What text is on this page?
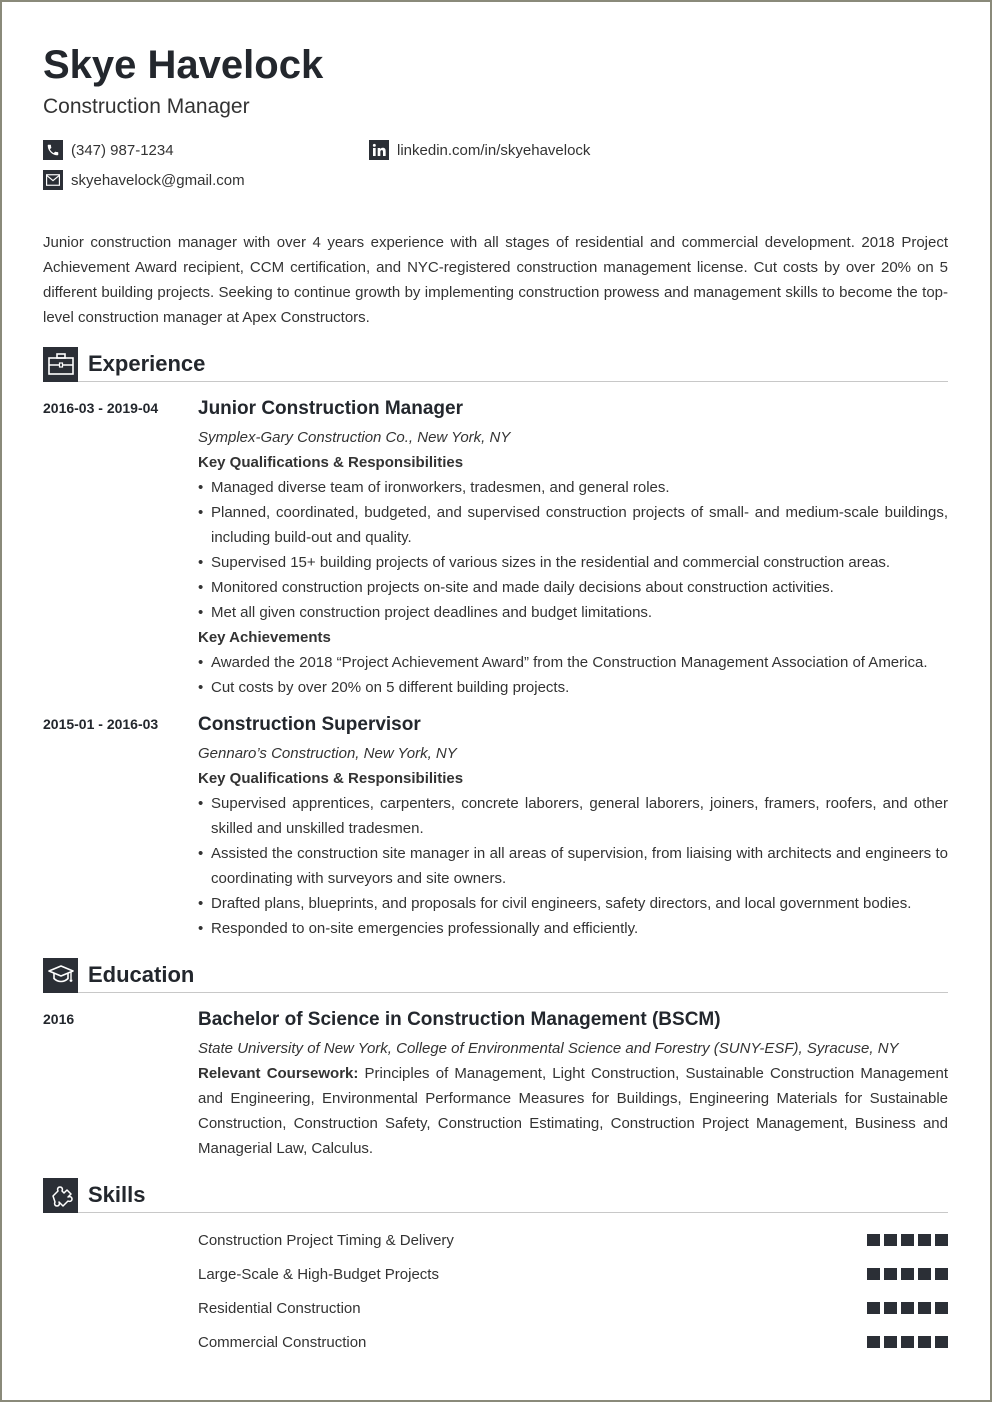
Skye Havelock
Construction Manager
(347) 987-1234	linkedin.com/in/skyehavelock
skyehavelock@gmail.com
Junior construction manager with over 4 years experience with all stages of residential and commercial development. 2018 Project Achievement Award recipient, CCM certification, and NYC-registered construction management license. Cut costs by over 20% on 5 different building projects. Seeking to continue growth by implementing construction prowess and management skills to become the top-level construction manager at Apex Constructors.
Experience
2016-03 - 2019-04	Junior Construction Manager
Symplex-Gary Construction Co., New York, NY
Key Qualifications & Responsibilities
• Managed diverse team of ironworkers, tradesmen, and general roles.
• Planned, coordinated, budgeted, and supervised construction projects of small- and medium-scale buildings, including build-out and quality.
• Supervised 15+ building projects of various sizes in the residential and commercial construction areas.
• Monitored construction projects on-site and made daily decisions about construction activities.
• Met all given construction project deadlines and budget limitations.
Key Achievements
• Awarded the 2018 “Project Achievement Award” from the Construction Management Association of America.
• Cut costs by over 20% on 5 different building projects.
2015-01 - 2016-03	Construction Supervisor
Gennaro’s Construction, New York, NY
Key Qualifications & Responsibilities
• Supervised apprentices, carpenters, concrete laborers, general laborers, joiners, framers, roofers, and other skilled and unskilled tradesmen.
• Assisted the construction site manager in all areas of supervision, from liaising with architects and engineers to coordinating with surveyors and site owners.
• Drafted plans, blueprints, and proposals for civil engineers, safety directors, and local government bodies.
• Responded to on-site emergencies professionally and efficiently.
Education
2016	Bachelor of Science in Construction Management (BSCM)
State University of New York, College of Environmental Science and Forestry (SUNY-ESF), Syracuse, NY
Relevant Coursework: Principles of Management, Light Construction, Sustainable Construction Management and Engineering, Environmental Performance Measures for Buildings, Engineering Materials for Sustainable Construction, Construction Safety, Construction Estimating, Construction Project Management, Business and Managerial Law, Calculus.
Skills
Construction Project Timing & Delivery
Large-Scale & High-Budget Projects
Residential Construction
Commercial Construction
